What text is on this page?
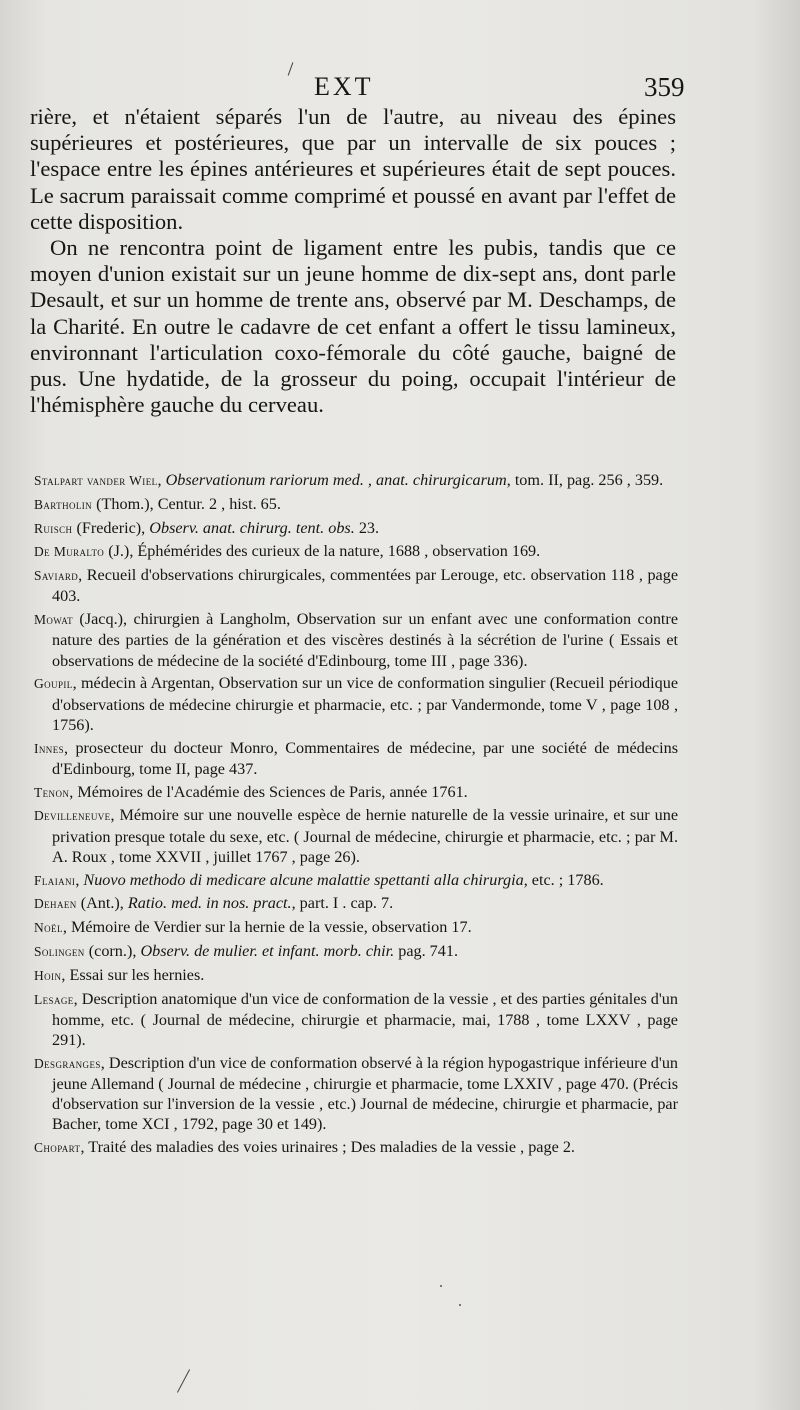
EXT	359

rière, et n'étaient séparés l'un de l'autre, au niveau des épines supérieures et postérieures, que par un intervalle de six pouces ; l'espace entre les épines antérieures et supérieures était de sept pouces. Le sacrum paraissait comme comprimé et poussé en avant par l'effet de cette disposition.

On ne rencontra point de ligament entre les pubis, tandis que ce moyen d'union existait sur un jeune homme de dix-sept ans, dont parle Desault, et sur un homme de trente ans, observé par M. Deschamps, de la Charité. En outre le cadavre de cet enfant a offert le tissu lamineux, environnant l'articulation coxo-fémorale du côté gauche, baigné de pus. Une hydatide, de la grosseur du poing, occupait l'intérieur de l'hémisphère gauche du cerveau.

Stalpart vander Wiel, Observationum rariorum med. , anat. chirurgicarum, tom. II, pag. 256 , 359.

Bartholin (Thom.), Centur. 2 , hist. 65.

Ruisch (Frederic), Observ. anat. chirurg. tent. obs. 23.

De Muralto (J.), Éphémérides des curieux de la nature, 1688 , observation 169.

Saviard, Recueil d'observations chirurgicales, commentées par Lerouge, etc. observation 118 , page 403.

Mowat (Jacq.), chirurgien à Langholm, Observation sur un enfant avec une conformation contre nature des parties de la génération et des viscères destinés à la sécrétion de l'urine ( Essais et observations de médecine de la société d'Edinbourg, tome III , page 336).

Goupil, médecin à Argentan, Observation sur un vice de conformation singulier (Recueil périodique d'observations de médecine chirurgie et pharmacie, etc. ; par Vandermonde, tome V , page 108 , 1756).

Innes, prosecteur du docteur Monro, Commentaires de médecine, par une société de médecins d'Edinbourg, tome II, page 437.

Tenon, Mémoires de l'Académie des Sciences de Paris, année 1761.

Devilleneuve, Mémoire sur une nouvelle espèce de hernie naturelle de la vessie urinaire, et sur une privation presque totale du sexe, etc. ( Journal de médecine, chirurgie et pharmacie, etc. ; par M. A. Roux , tome XXVII , juillet 1767 , page 26).

Flaiani, Nuovo methodo di medicare alcune malattie spettanti alla chirurgia, etc. ; 1786.

Dehaen (Ant.), Ratio. med. in nos. pract., part. I . cap. 7.

Noël, Mémoire de Verdier sur la hernie de la vessie, observation 17.

Solingen (corn.), Observ. de mulier. et infant. morb. chir. pag. 741.

Hoin, Essai sur les hernies.

Lesage, Description anatomique d'un vice de conformation de la vessie , et des parties génitales d'un homme, etc. ( Journal de médecine, chirurgie et pharmacie, mai, 1788 , tome LXXV , page 291).

Desgranges, Description d'un vice de conformation observé à la région hypogastrique inférieure d'un jeune Allemand ( Journal de médecine , chirurgie et pharmacie, tome LXXIV , page 470. (Précis d'observation sur l'inversion de la vessie , etc.) Journal de médecine, chirurgie et pharmacie, par Bacher, tome XCI , 1792, page 30 et 149).

Chopart, Traité des maladies des voies urinaires ; Des maladies de la vessie , page 2.
